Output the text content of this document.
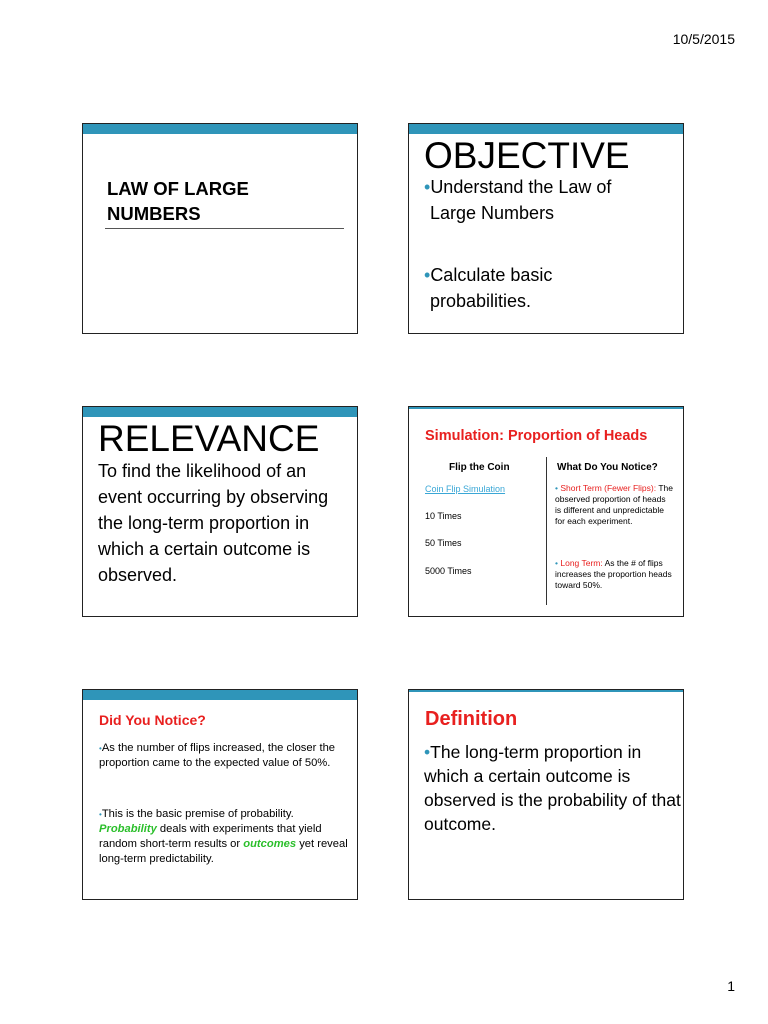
10/5/2015
LAW OF LARGE
NUMBERS
OBJECTIVE
•Understand the Law of
Large Numbers
•Calculate basic
probabilities.
RELEVANCE
To find the likelihood of an event occurring by observing the long-term proportion in which a certain outcome is observed.
Simulation: Proportion of Heads
Flip the Coin	What Do You Notice?
Coin Flip Simulation
10 Times
50 Times
5000 Times
• Short Term (Fewer Flips): The observed proportion of heads is different and unpredictable for each experiment.
• Long Term: As the # of flips increases the proportion heads toward 50%.
Did You Notice?
•As the number of flips increased, the closer the proportion came to the expected value of 50%.
•This is the basic premise of probability. Probability deals with experiments that yield random short-term results or outcomes yet reveal long-term predictability.
Definition
•The long-term proportion in which a certain outcome is observed is the probability of that outcome.
1
